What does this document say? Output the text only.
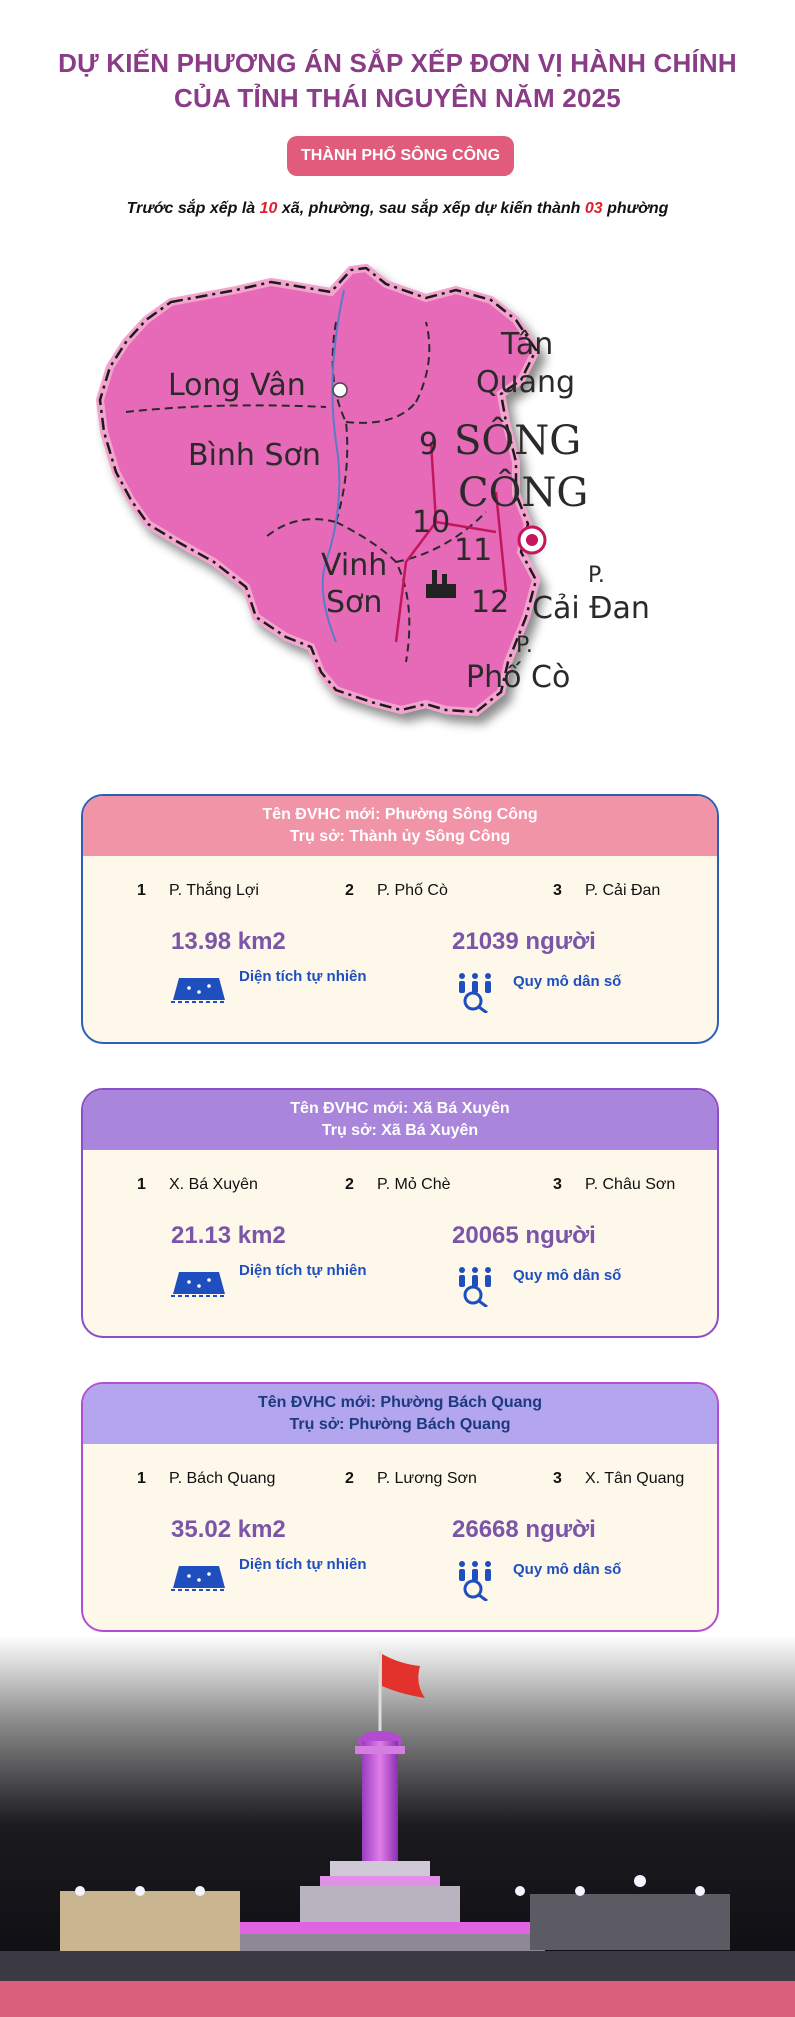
DỰ KIẾN PHƯƠNG ÁN SẮP XẾP ĐƠN VỊ HÀNH CHÍNH
CỦA TỈNH THÁI NGUYÊN NĂM 2025
THÀNH PHỐ SÔNG CÔNG
Trước sắp xếp là 10 xã, phường, sau sắp xếp dự kiến thành 03 phường
Long Vân
Bình Sơn
Tân
Quang
9 SÔNG
CÔNG
10
11
12
Vinh
Sơn	Cải Đan
P.
P.
Phố Cò
Tên ĐVHC mới: Phường Sông Công
Trụ sở: Thành ủy Sông Công
1 P. Thắng Lợi	2 P. Phố Cò	3 P. Cải Đan
13.98 km2	21039 người
Diện tích tự nhiên	Quy mô dân số
Tên ĐVHC mới: Xã Bá Xuyên
Trụ sở: Xã Bá Xuyên
1 X. Bá Xuyên	2 P. Mỏ Chè	3 P. Châu Sơn
21.13 km2	20065 người
Diện tích tự nhiên	Quy mô dân số
Tên ĐVHC mới: Phường Bách Quang
Trụ sở: Phường Bách Quang
1 P. Bách Quang	2 P. Lương Sơn	3 X. Tân Quang
35.02 km2	26668 người
Diện tích tự nhiên	Quy mô dân số
